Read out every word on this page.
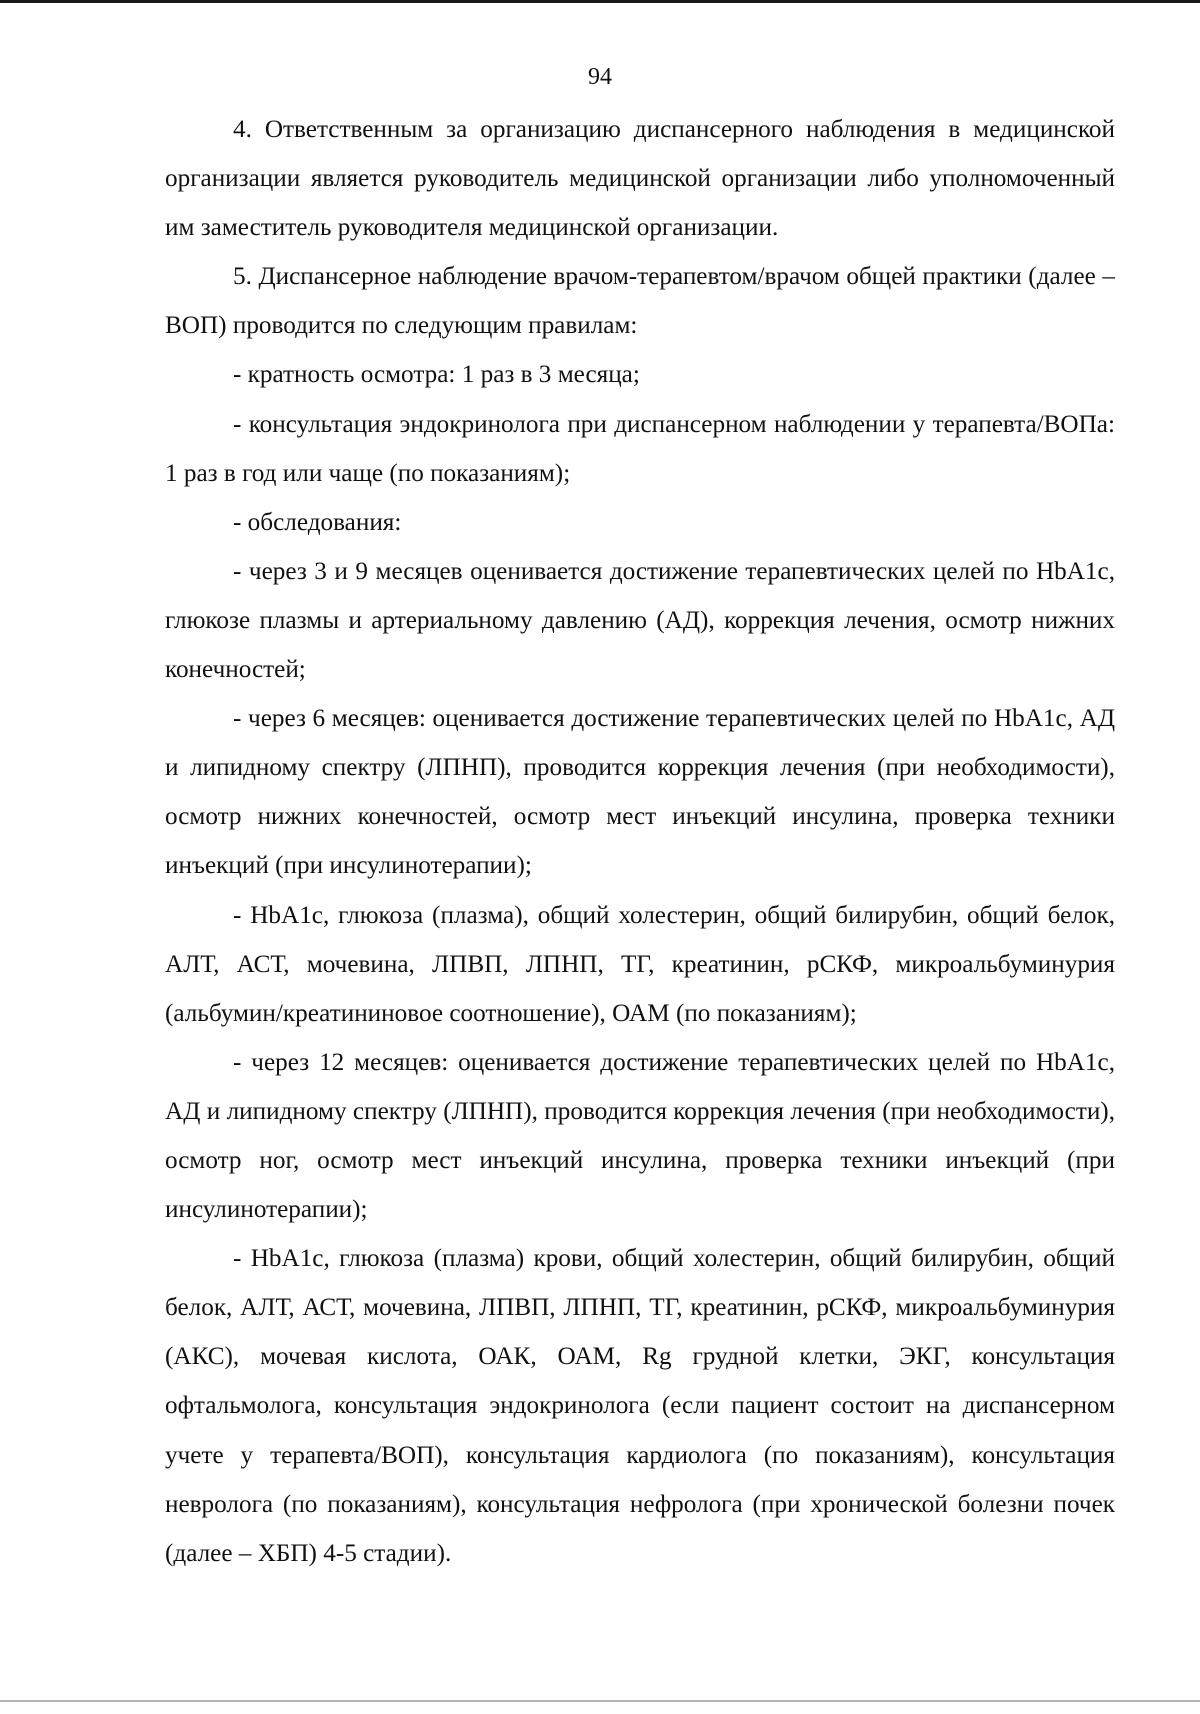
94

4. Ответственным за организацию диспансерного наблюдения в медицинской организации является руководитель медицинской организации либо уполномоченный им заместитель руководителя медицинской организации.

5. Диспансерное наблюдение врачом-терапевтом/врачом общей практики (далее – ВОП) проводится по следующим правилам:

- кратность осмотра: 1 раз в 3 месяца;

- консультация эндокринолога при диспансерном наблюдении у терапевта/ВОПа: 1 раз в год или чаще (по показаниям);

- обследования:

- через 3 и 9 месяцев оценивается достижение терапевтических целей по HbA1c, глюкозе плазмы и артериальному давлению (АД), коррекция лечения, осмотр нижних конечностей;

- через 6 месяцев: оценивается достижение терапевтических целей по HbA1c, АД и липидному спектру (ЛПНП), проводится коррекция лечения (при необходимости), осмотр нижних конечностей, осмотр мест инъекций инсулина, проверка техники инъекций (при инсулинотерапии);

- HbA1c, глюкоза (плазма), общий холестерин, общий билирубин, общий белок, АЛТ, АСТ, мочевина, ЛПВП, ЛПНП, ТГ, креатинин, рСКФ, микроальбуминурия (альбумин/креатининовое соотношение), ОАМ (по показаниям);

- через 12 месяцев: оценивается достижение терапевтических целей по HbA1c, АД и липидному спектру (ЛПНП), проводится коррекция лечения (при необходимости), осмотр ног, осмотр мест инъекций инсулина, проверка техники инъекций (при инсулинотерапии);

- HbA1c, глюкоза (плазма) крови, общий холестерин, общий билирубин, общий белок, АЛТ, АСТ, мочевина, ЛПВП, ЛПНП, ТГ, креатинин, рСКФ, микроальбуминурия (АКС), мочевая кислота, ОАК, ОАМ, Rg грудной клетки, ЭКГ, консультация офтальмолога, консультация эндокринолога (если пациент состоит на диспансерном учете у терапевта/ВОП), консультация кардиолога (по показаниям), консультация невролога (по показаниям), консультация нефролога (при хронической болезни почек (далее – ХБП) 4-5 стадии).
